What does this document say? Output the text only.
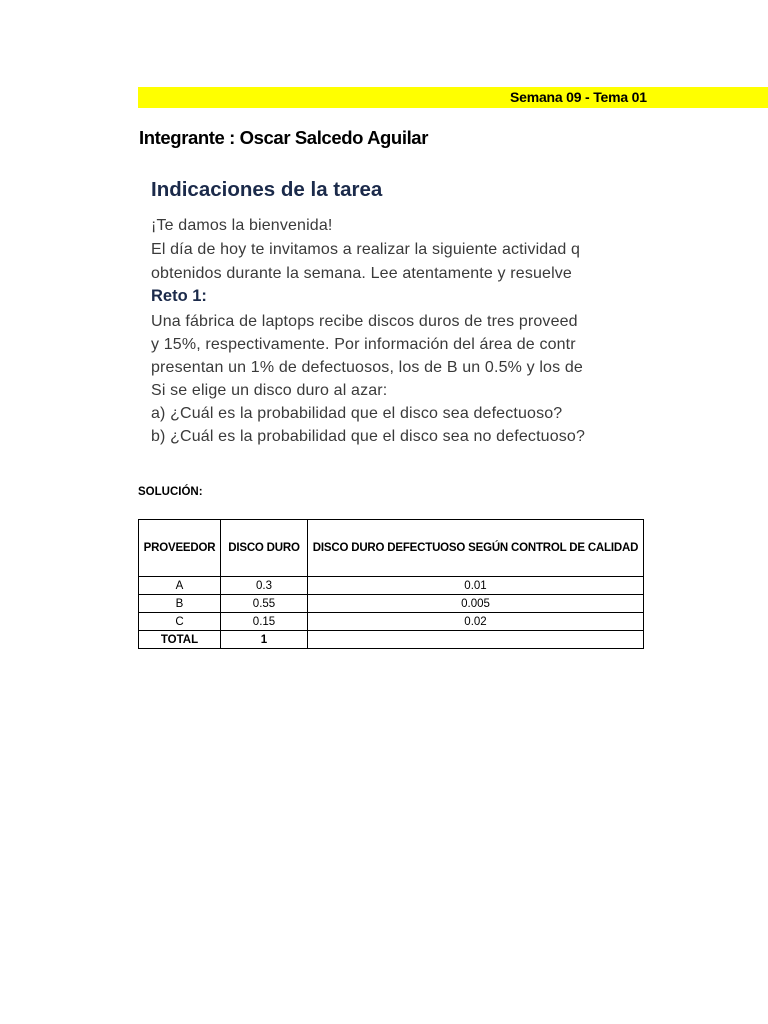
Semana 09 - Tema 01
Integrante : Oscar Salcedo Aguilar
Indicaciones de la tarea
¡Te damos la bienvenida!
El día de hoy te invitamos a realizar la siguiente actividad q
obtenidos durante la semana. Lee atentamente y resuelve
Reto 1:
Una fábrica de laptops recibe discos duros de tres proveed
y 15%, respectivamente. Por información del área de contr
presentan un 1% de defectuosos, los de B un 0.5% y los de
Si se elige un disco duro al azar:
a) ¿Cuál es la probabilidad que el disco sea defectuoso?
b) ¿Cuál es la probabilidad que el disco sea no defectuoso?
SOLUCIÓN:
PROVEEDOR	DISCO DURO	DISCO DURO DEFECTUOSO SEGÚN CONTROL DE CALIDAD
A	0.3	0.01
B	0.55	0.005
C	0.15	0.02
TOTAL	1	
